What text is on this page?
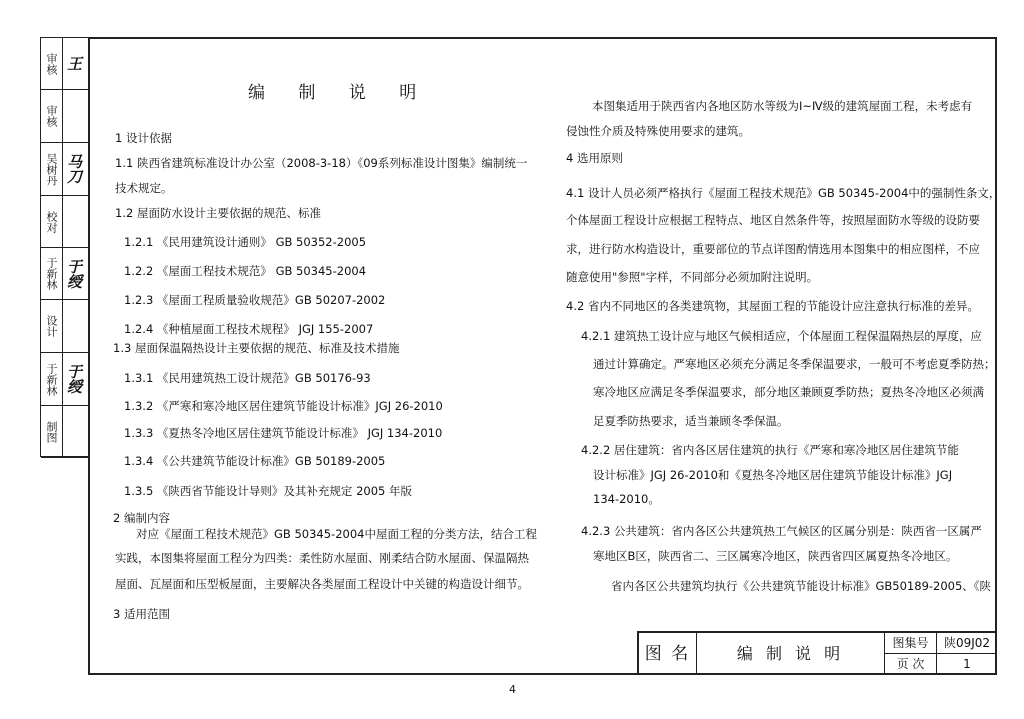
审核 王
审核
吴树丹 马刀
校对
于新林 于绶
设计
于新林 于绶
制图
编 制 说 明
1 设计依据
1.1 陕西省建筑标准设计办公室（2008-3-18）《09系列标准设计图集》编制统一
技术规定。
1.2 屋面防水设计主要依据的规范、标准
1.2.1 《民用建筑设计通则》 GB 50352-2005
1.2.2 《屋面工程技术规范》 GB 50345-2004
1.2.3 《屋面工程质量验收规范》GB 50207-2002
1.2.4 《种植屋面工程技术规程》 JGJ 155-2007
1.3 屋面保温隔热设计主要依据的规范、标准及技术措施
1.3.1 《民用建筑热工设计规范》GB 50176-93
1.3.2 《严寒和寒冷地区居住建筑节能设计标准》JGJ 26-2010
1.3.3 《夏热冬冷地区居住建筑节能设计标准》 JGJ 134-2010
1.3.4 《公共建筑节能设计标准》GB 50189-2005
1.3.5 《陕西省节能设计导则》及其补充规定 2005 年版
2 编制内容
对应《屋面工程技术规范》GB 50345-2004中屋面工程的分类方法，结合工程
实践，本图集将屋面工程分为四类：柔性防水屋面、刚柔结合防水屋面、保温隔热
屋面、瓦屋面和压型板屋面，主要解决各类屋面工程设计中关键的构造设计细节。
3 适用范围
本图集适用于陕西省内各地区防水等级为Ⅰ~Ⅳ级的建筑屋面工程，未考虑有
侵蚀性介质及特殊使用要求的建筑。
4 选用原则
4.1 设计人员必须严格执行《屋面工程技术规范》GB 50345-2004中的强制性条文，
个体屋面工程设计应根据工程特点、地区自然条件等，按照屋面防水等级的设防要
求，进行防水构造设计，重要部位的节点详图酌情选用本图集中的相应图样，不应
随意使用"参照"字样，不同部分必须加附注说明。
4.2 省内不同地区的各类建筑物，其屋面工程的节能设计应注意执行标准的差异。
4.2.1 建筑热工设计应与地区气候相适应，个体屋面工程保温隔热层的厚度，应
通过计算确定。严寒地区必须充分满足冬季保温要求，一般可不考虑夏季防热；
寒冷地区应满足冬季保温要求，部分地区兼顾夏季防热；夏热冬冷地区必须满
足夏季防热要求，适当兼顾冬季保温。
4.2.2 居住建筑：省内各区居住建筑的执行《严寒和寒冷地区居住建筑节能
设计标准》JGJ 26-2010和《夏热冬冷地区居住建筑节能设计标准》JGJ
134-2010。
4.2.3 公共建筑：省内各区公共建筑热工气候区的区属分别是：陕西省一区属严
寒地区B区，陕西省二、三区属寒冷地区，陕西省四区属夏热冬冷地区。
省内各区公共建筑均执行《公共建筑节能设计标准》GB50189-2005、《陕
图 名	编 制 说 明
图集号	陕09J02
页 次	1
4
